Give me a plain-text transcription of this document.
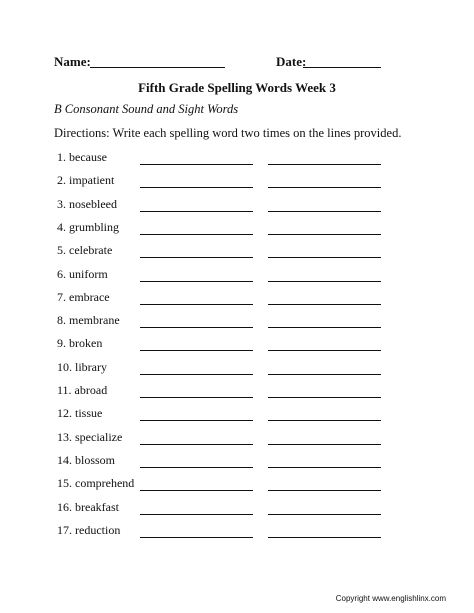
Name:	Date:
Fifth Grade Spelling Words Week 3
B Consonant Sound and Sight Words
Directions: Write each spelling word two times on the lines provided.
1. because
2. impatient
3. nosebleed
4. grumbling
5. celebrate
6. uniform
7. embrace
8. membrane
9. broken
10. library
11. abroad
12. tissue
13. specialize
14. blossom
15. comprehend
16. breakfast
17. reduction
Copyright www.englishlinx.com
